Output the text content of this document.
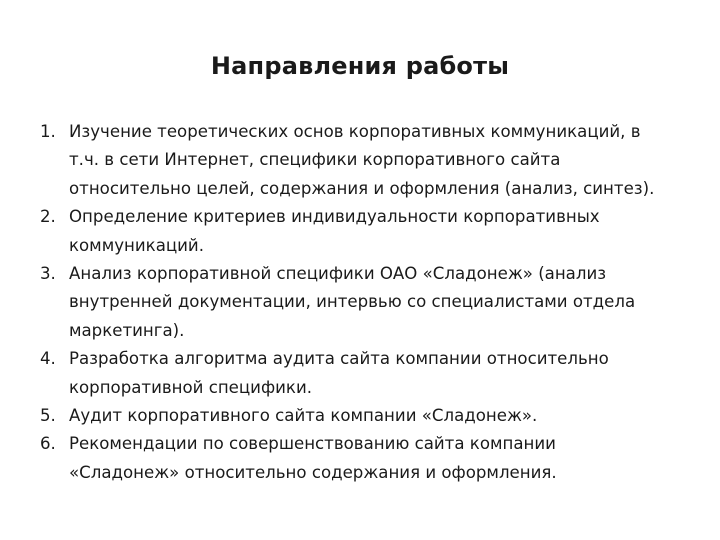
Направления работы
1. Изучение теоретических основ корпоративных коммуникаций, в
т.ч. в сети Интернет, специфики корпоративного сайта
относительно целей, содержания и оформления (анализ, синтез).
2. Определение критериев индивидуальности корпоративных
коммуникаций.
3. Анализ корпоративной специфики ОАО «Сладонеж» (анализ
внутренней документации, интервью со специалистами отдела
маркетинга).
4. Разработка алгоритма аудита сайта компании относительно
корпоративной специфики.
5. Аудит корпоративного сайта компании «Сладонеж».
6. Рекомендации по совершенствованию сайта компании
«Сладонеж» относительно содержания и оформления.
